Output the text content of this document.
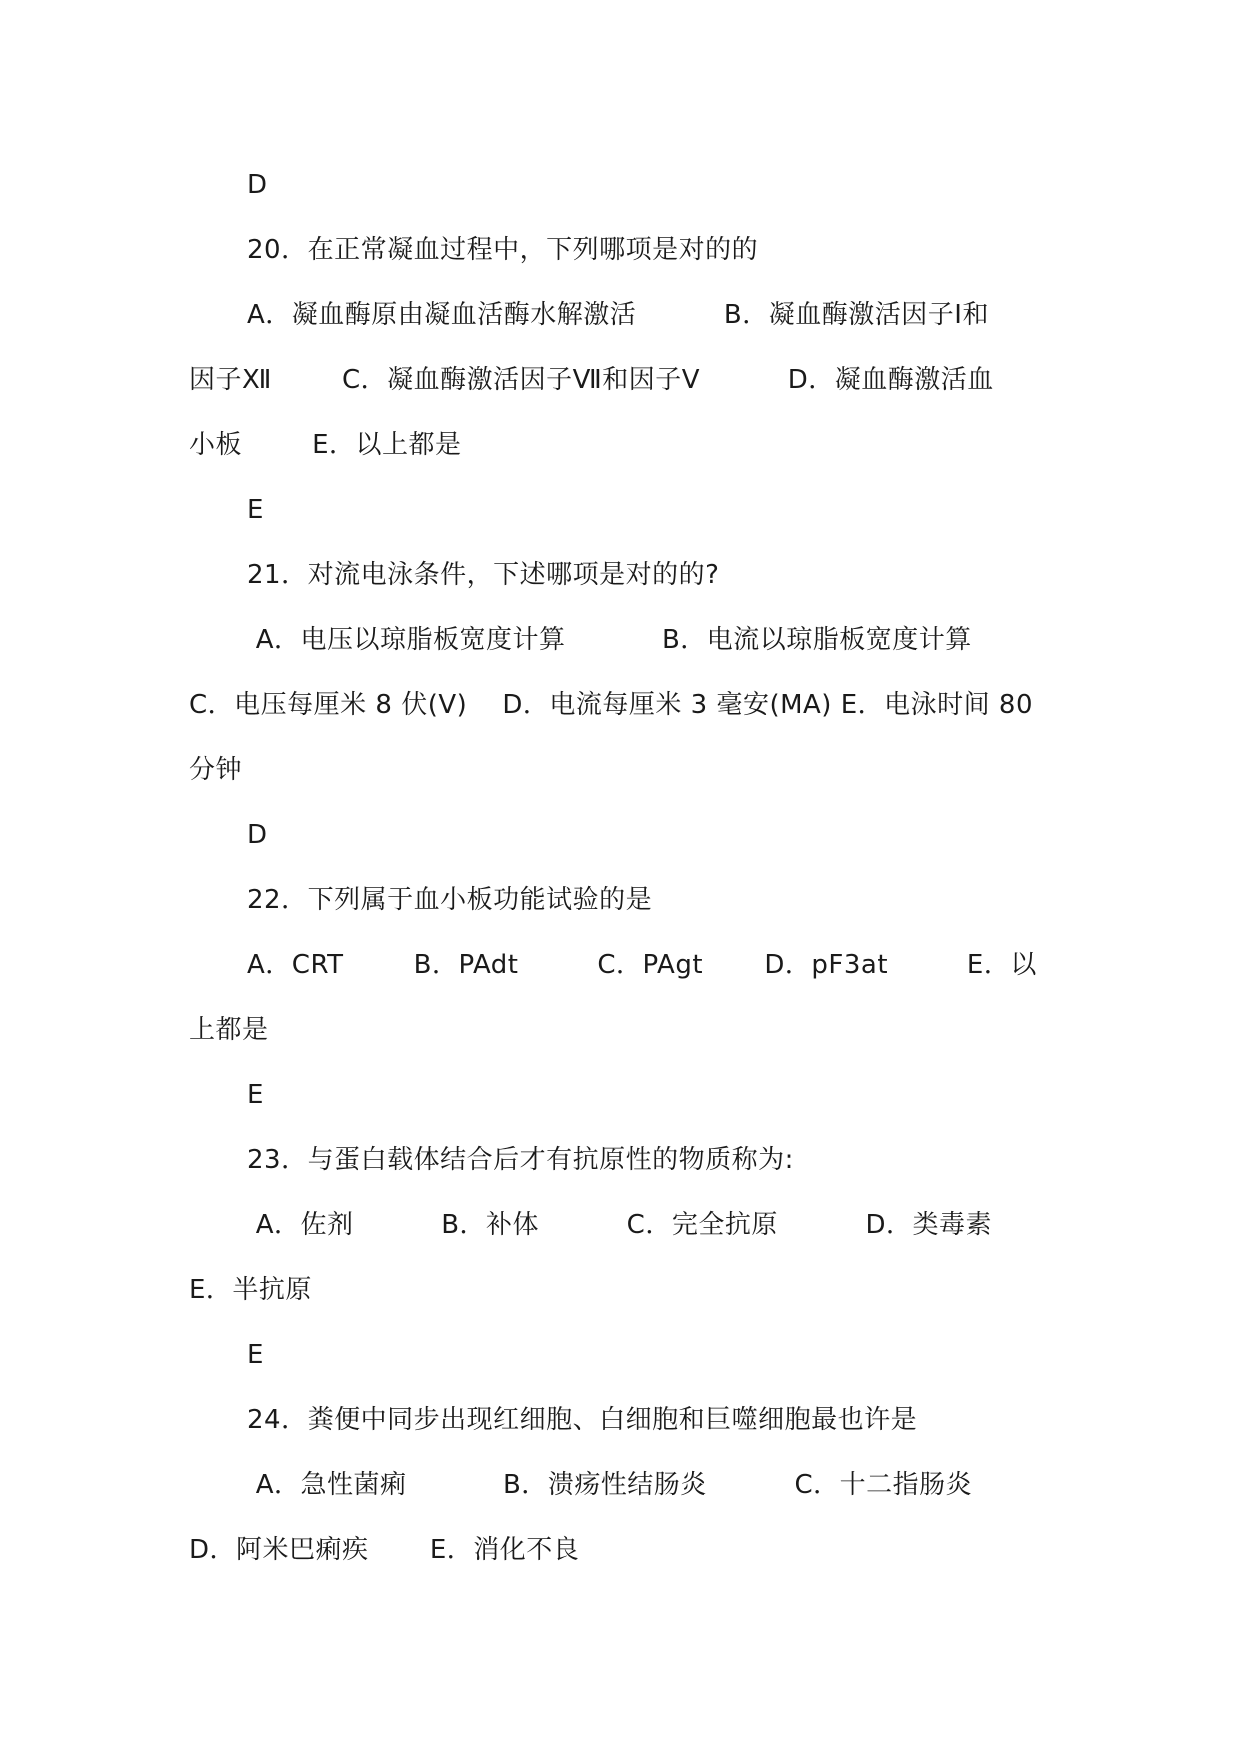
D
20．在正常凝血过程中，下列哪项是对的的
A．凝血酶原由凝血活酶水解激活          B．凝血酶激活因子Ⅰ和
因子Ⅻ        C．凝血酶激活因子Ⅶ和因子Ⅴ          D．凝血酶激活血
小板        E．以上都是
E
21．对流电泳条件，下述哪项是对的的?
A．电压以琼脂板宽度计算           B．电流以琼脂板宽度计算
C．电压每厘米 8 伏(V)    D．电流每厘米 3 毫安(MA) E．电泳时间 80
分钟
D
22．下列属于血小板功能试验的是
A．CRT        B．PAdt         C．PAgt       D．pF3at         E．以
上都是
E
23．与蛋白载体结合后才有抗原性的物质称为:
A．佐剂          B．补体          C．完全抗原          D．类毒素
E．半抗原
E
24．粪便中同步出现红细胞、白细胞和巨噬细胞最也许是
A．急性菌痢           B．溃疡性结肠炎          C．十二指肠炎
D．阿米巴痢疾       E．消化不良
